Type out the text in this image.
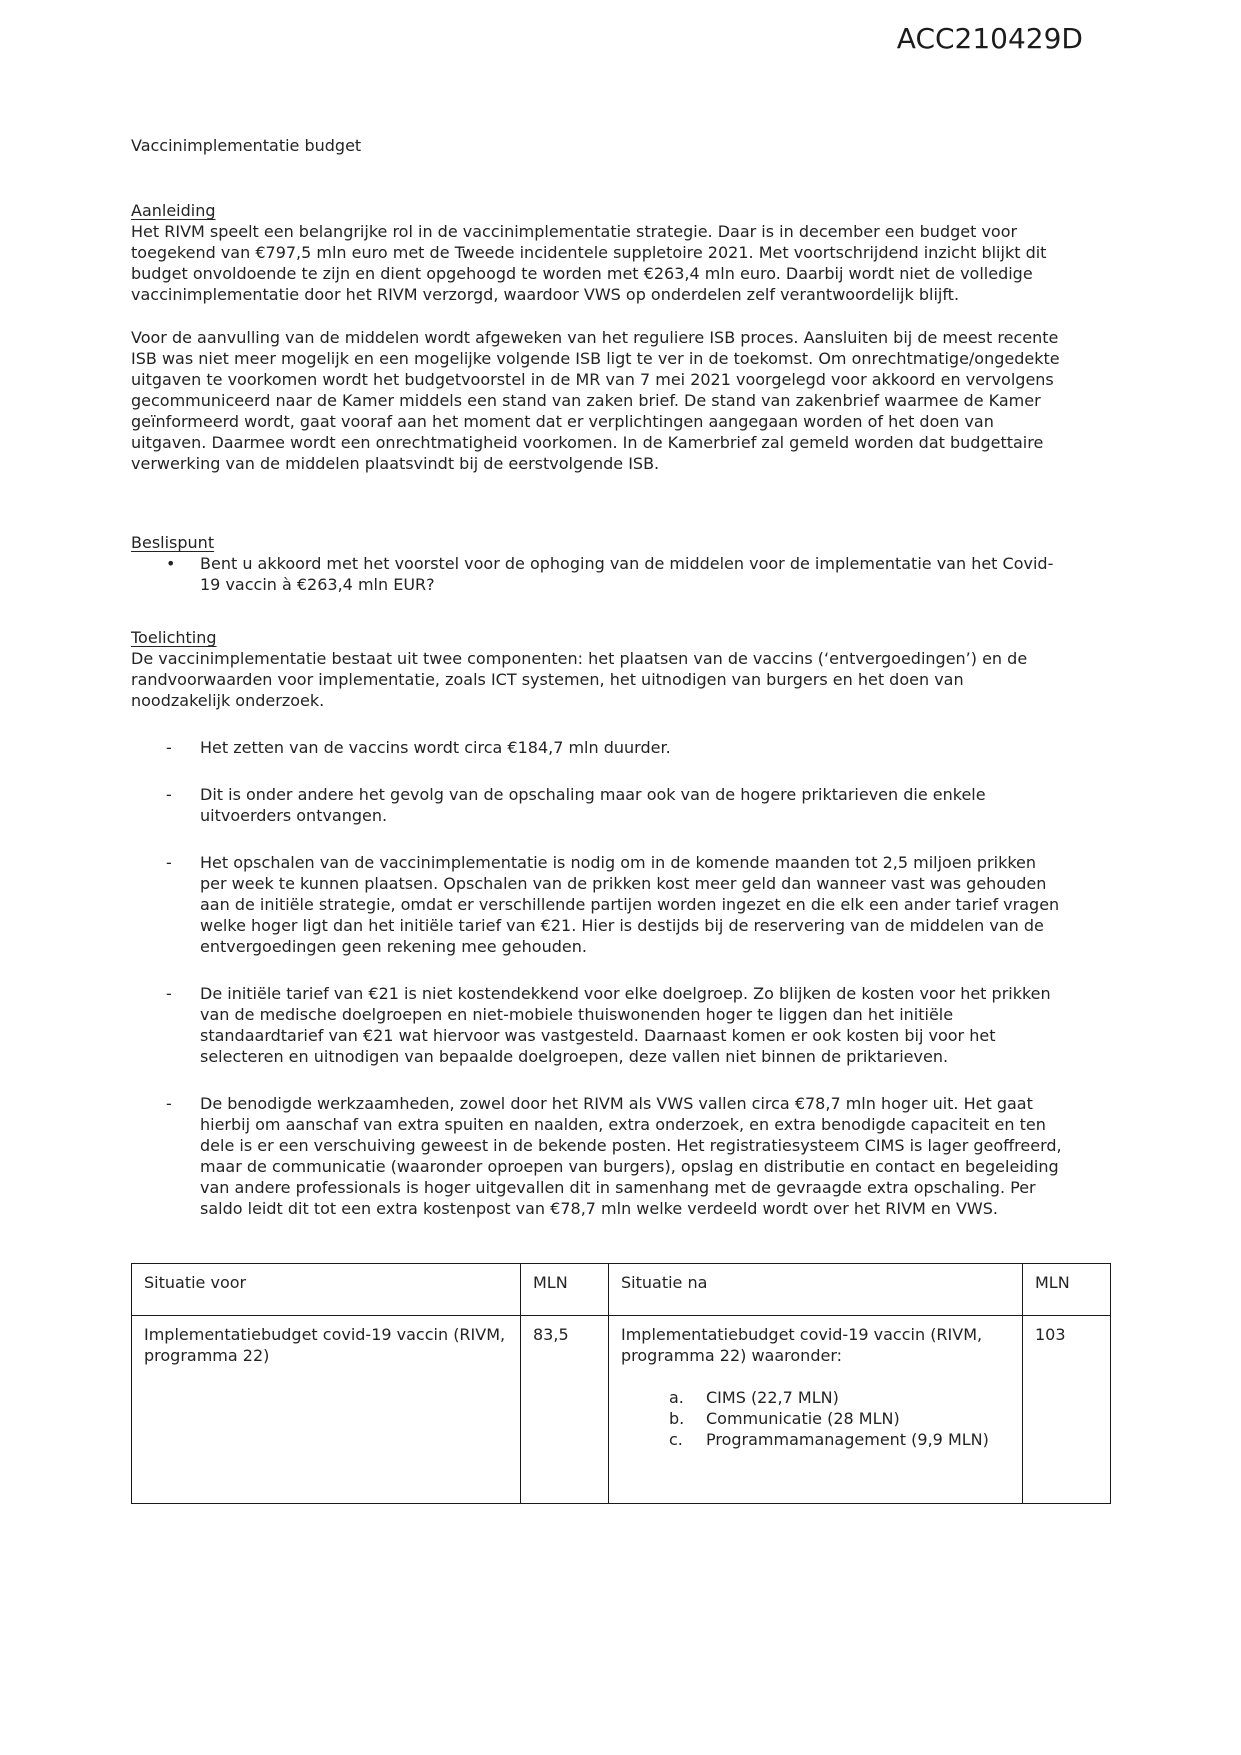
ACC210429D

Vaccinimplementatie budget

Aanleiding

Het RIVM speelt een belangrijke rol in de vaccinimplementatie strategie. Daar is in december een budget voor toegekend van €797,5 mln euro met de Tweede incidentele suppletoire 2021. Met voortschrijdend inzicht blijkt dit budget onvoldoende te zijn en dient opgehoogd te worden met €263,4 mln euro. Daarbij wordt niet de volledige vaccinimplementatie door het RIVM verzorgd, waardoor VWS op onderdelen zelf verantwoordelijk blijft.

Voor de aanvulling van de middelen wordt afgeweken van het reguliere ISB proces. Aansluiten bij de meest recente ISB was niet meer mogelijk en een mogelijke volgende ISB ligt te ver in de toekomst. Om onrechtmatige/ongedekte uitgaven te voorkomen wordt het budgetvoorstel in de MR van 7 mei 2021 voorgelegd voor akkoord en vervolgens gecommuniceerd naar de Kamer middels een stand van zaken brief. De stand van zakenbrief waarmee de Kamer geïnformeerd wordt, gaat vooraf aan het moment dat er verplichtingen aangegaan worden of het doen van uitgaven. Daarmee wordt een onrechtmatigheid voorkomen. In de Kamerbrief zal gemeld worden dat budgettaire verwerking van de middelen plaatsvindt bij de eerstvolgende ISB.

Beslispunt
• Bent u akkoord met het voorstel voor de ophoging van de middelen voor de implementatie van het Covid-19 vaccin à €263,4 mln EUR?
Toelichting

De vaccinimplementatie bestaat uit twee componenten: het plaatsen van de vaccins (‘entvergoedingen’) en de randvoorwaarden voor implementatie, zoals ICT systemen, het uitnodigen van burgers en het doen van noodzakelijk onderzoek.

- Het zetten van de vaccins wordt circa €184,7 mln duurder.
- Dit is onder andere het gevolg van de opschaling maar ook van de hogere priktarieven die enkele uitvoerders ontvangen.
- Het opschalen van de vaccinimplementatie is nodig om in de komende maanden tot 2,5 miljoen prikken per week te kunnen plaatsen. Opschalen van de prikken kost meer geld dan wanneer vast was gehouden aan de initiële strategie, omdat er verschillende partijen worden ingezet en die elk een ander tarief vragen welke hoger ligt dan het initiële tarief van €21. Hier is destijds bij de reservering van de middelen van de entvergoedingen geen rekening mee gehouden.
- De initiële tarief van €21 is niet kostendekkend voor elke doelgroep. Zo blijken de kosten voor het prikken van de medische doelgroepen en niet-mobiele thuiswonenden hoger te liggen dan het initiële standaardtarief van €21 wat hiervoor was vastgesteld. Daarnaast komen er ook kosten bij voor het selecteren en uitnodigen van bepaalde doelgroepen, deze vallen niet binnen de priktarieven.
- De benodigde werkzaamheden, zowel door het RIVM als VWS vallen circa €78,7 mln hoger uit. Het gaat hierbij om aanschaf van extra spuiten en naalden, extra onderzoek, en extra benodigde capaciteit en ten dele is er een verschuiving geweest in de bekende posten. Het registratiesysteem CIMS is lager geoffreerd, maar de communicatie (waaronder oproepen van burgers), opslag en distributie en contact en begeleiding van andere professionals is hoger uitgevallen dit in samenhang met de gevraagde extra opschaling. Per saldo leidt dit tot een extra kostenpost van €78,7 mln welke verdeeld wordt over het RIVM en VWS.
Situatie voor	MLN	Situatie na	MLN
Implementatiebudget covid-19 vaccin (RIVM, programma 22)	83,5	Implementatiebudget covid-19 vaccin (RIVM, programma 22) waaronder:
a.	CIMS (22,7 MLN)
b.	Communicatie (28 MLN)
c.	Programmamanagement (9,9 MLN)
	103
